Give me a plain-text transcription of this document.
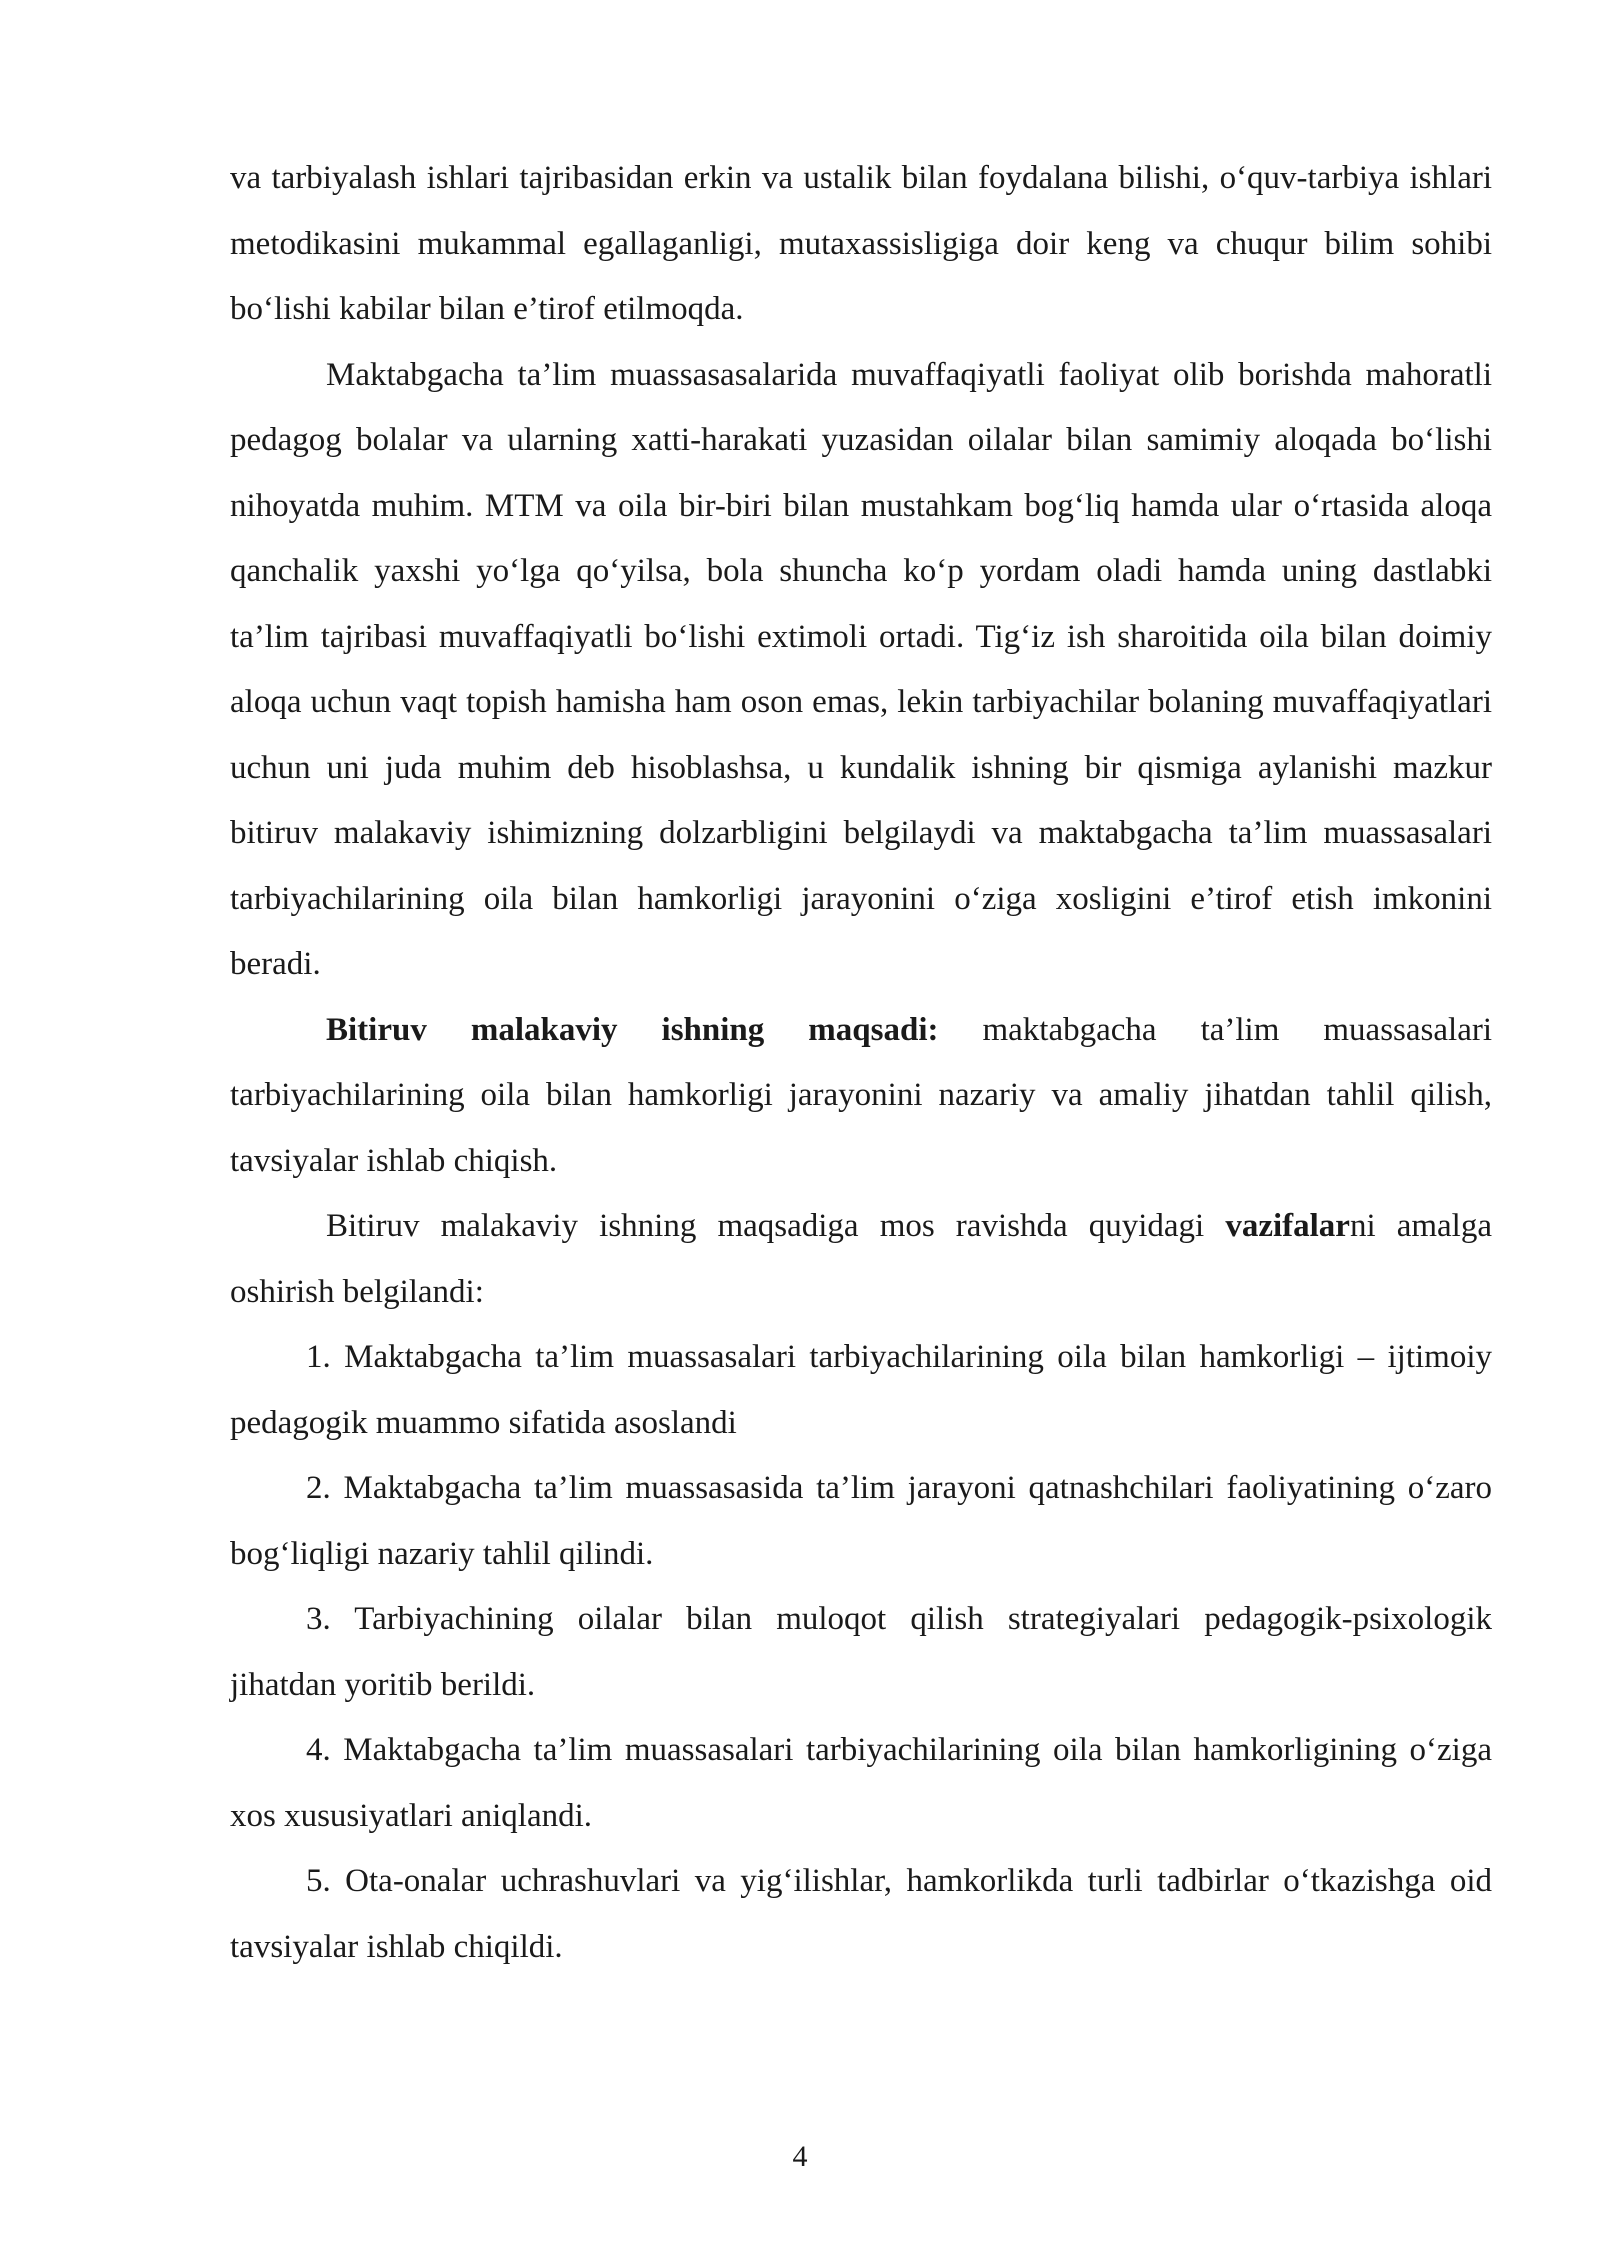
va tarbiyalash ishlari tajribasidan erkin va ustalik bilan foydalana bilishi, o‘quv-tarbiya ishlari metodikasini mukammal egallaganligi, mutaxassisligiga doir keng va chuqur bilim sohibi bo‘lishi kabilar bilan e’tirof etilmoqda.

Maktabgacha ta’lim muassasasalarida muvaffaqiyatli faoliyat olib borishda mahoratli pedagog bolalar va ularning xatti-harakati yuzasidan oilalar bilan samimiy aloqada bo‘lishi nihoyatda muhim. MTM va oila bir-biri bilan mustahkam bog‘liq hamda ular o‘rtasida aloqa qanchalik yaxshi yo‘lga qo‘yilsa, bola shuncha ko‘p yordam oladi hamda uning dastlabki ta’lim tajribasi muvaffaqiyatli bo‘lishi extimoli ortadi. Tig‘iz ish sharoitida oila bilan doimiy aloqa uchun vaqt topish hamisha ham oson emas, lekin tarbiyachilar bolaning muvaffaqiyatlari uchun uni juda muhim deb hisoblashsa, u kundalik ishning bir qismiga aylanishi mazkur bitiruv malakaviy ishimizning dolzarbligini belgilaydi va maktabgacha ta’lim muassasalari tarbiyachilarining oila bilan hamkorligi jarayonini o‘ziga xosligini e’tirof etish imkonini beradi.

Bitiruv malakaviy ishning maqsadi: maktabgacha ta’lim muassasalari tarbiyachilarining oila bilan hamkorligi jarayonini nazariy va amaliy jihatdan tahlil qilish, tavsiyalar ishlab chiqish.

Bitiruv malakaviy ishning maqsadiga mos ravishda quyidagi vazifalarni amalga oshirish belgilandi:

1. Maktabgacha ta’lim muassasalari tarbiyachilarining oila bilan hamkorligi – ijtimoiy pedagogik muammo sifatida asoslandi

2. Maktabgacha ta’lim muassasasida ta’lim jarayoni qatnashchilari faoliyatining o‘zaro bog‘liqligi nazariy tahlil qilindi.

3. Tarbiyachining oilalar bilan muloqot qilish strategiyalari pedagogik-psixologik jihatdan yoritib berildi.

4. Maktabgacha ta’lim muassasalari tarbiyachilarining oila bilan hamkorligining o‘ziga xos xususiyatlari aniqlandi.

5. Ota-onalar uchrashuvlari va yig‘ilishlar, hamkorlikda turli tadbirlar o‘tkazishga oid tavsiyalar ishlab chiqildi.

4
